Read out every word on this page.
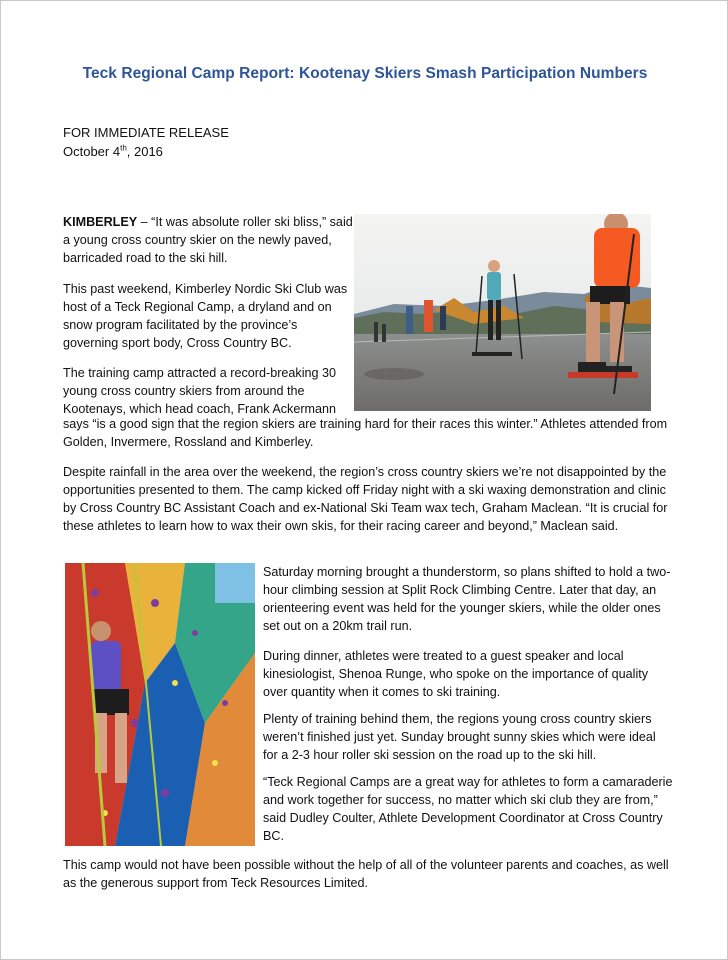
Teck Regional Camp Report: Kootenay Skiers Smash Participation Numbers
FOR IMMEDIATE RELEASE
October 4th, 2016

KIMBERLEY – “It was absolute roller ski bliss,” said a young cross country skier on the newly paved, barricaded road to the ski hill.

This past weekend, Kimberley Nordic Ski Club was host of a Teck Regional Camp, a dryland and on snow program facilitated by the province’s governing sport body, Cross Country BC.

The training camp attracted a record-breaking 30 young cross country skiers from around the Kootenays, which head coach, Frank Ackermann

says “is a good sign that the region skiers are training hard for their races this winter.” Athletes attended from Golden, Invermere, Rossland and Kimberley.

Despite rainfall in the area over the weekend, the region’s cross country skiers we’re not disappointed by the opportunities presented to them. The camp kicked off Friday night with a ski waxing demonstration and clinic by Cross Country BC Assistant Coach and ex-National Ski Team wax tech, Graham Maclean. “It is crucial for these athletes to learn how to wax their own skis, for their racing career and beyond,” Maclean said.

Saturday morning brought a thunderstorm, so plans shifted to hold a two-hour climbing session at Split Rock Climbing Centre. Later that day, an orienteering event was held for the younger skiers, while the older ones set out on a 20km trail run.

During dinner, athletes were treated to a guest speaker and local kinesiologist, Shenoa Runge, who spoke on the importance of quality over quantity when it comes to ski training.

Plenty of training behind them, the regions young cross country skiers weren’t finished just yet. Sunday brought sunny skies which were ideal for a 2-3 hour roller ski session on the road up to the ski hill.

“Teck Regional Camps are a great way for athletes to form a camaraderie and work together for success, no matter which ski club they are from,” said Dudley Coulter, Athlete Development Coordinator at Cross Country BC.

This camp would not have been possible without the help of all of the volunteer parents and coaches, as well as the generous support from Teck Resources Limited.
